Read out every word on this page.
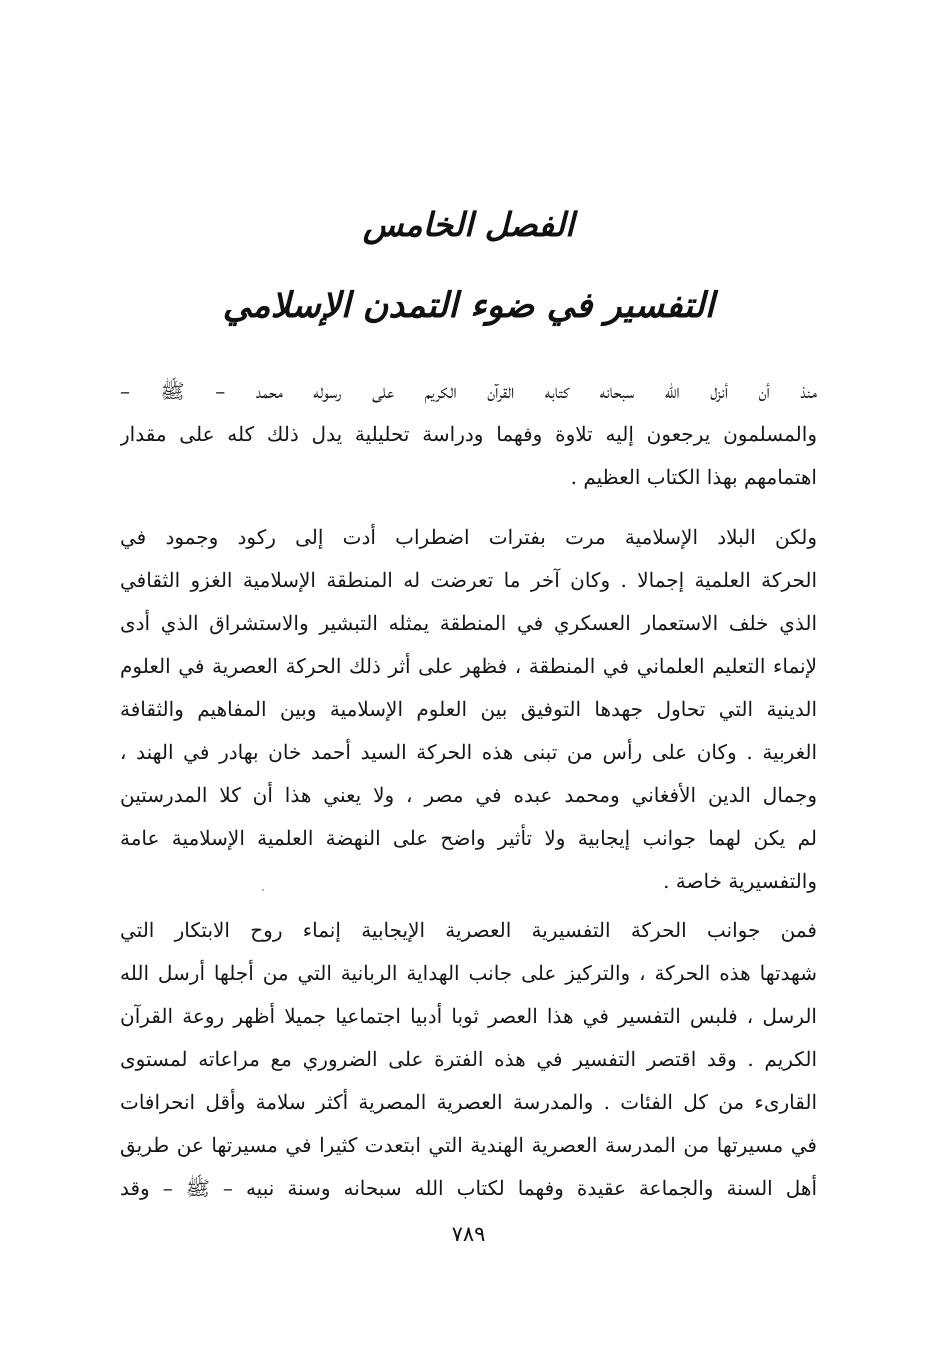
الفصل الخامس
التفسير في ضوء التمدن الإسلامي
منذ أن أنزل الله سبحانه كتابه القرآن الكريم على رسوله محمد – ﷺ –
والمسلمون يرجعون إليه تلاوة وفهما ودراسة تحليلية يدل ذلك كله على مقدار
اهتمامهم بهذا الكتاب العظيم .
ولكن البلاد الإسلامية مرت بفترات اضطراب أدت إلى ركود وجمود في
الحركة العلمية إجمالا . وكان آخر ما تعرضت له المنطقة الإسلامية الغزو الثقافي
الذي خلف الاستعمار العسكري في المنطقة يمثله التبشير والاستشراق الذي أدى
لإنماء التعليم العلماني في المنطقة ، فظهر على أثر ذلك الحركة العصرية في العلوم
الدينية التي تحاول جهدها التوفيق بين العلوم الإسلامية وبين المفاهيم والثقافة
الغربية . وكان على رأس من تبنى هذه الحركة السيد أحمد خان بهادر في الهند ،
وجمال الدين الأفغاني ومحمد عبده في مصر ، ولا يعني هذا أن كلا المدرستين
لم يكن لهما جوانب إيجابية ولا تأثير واضح على النهضة العلمية الإسلامية عامة
والتفسيرية خاصة .
فمن جوانب الحركة التفسيرية العصرية الإيجابية إنماء روح الابتكار التي
شهدتها هذه الحركة ، والتركيز على جانب الهداية الربانية التي من أجلها أرسل الله
الرسل ، فلبس التفسير في هذا العصر ثوبا أدبيا اجتماعيا جميلا أظهر روعة القرآن
الكريم . وقد اقتصر التفسير في هذه الفترة على الضروري مع مراعاته لمستوى
القارىء من كل الفئات . والمدرسة العصرية المصرية أكثر سلامة وأقل انحرافات
في مسيرتها من المدرسة العصرية الهندية التي ابتعدت كثيرا في مسيرتها عن طريق
أهل السنة والجماعة عقيدة وفهما لكتاب الله سبحانه وسنة نبيه – ﷺ – وقد
٧٨٩
